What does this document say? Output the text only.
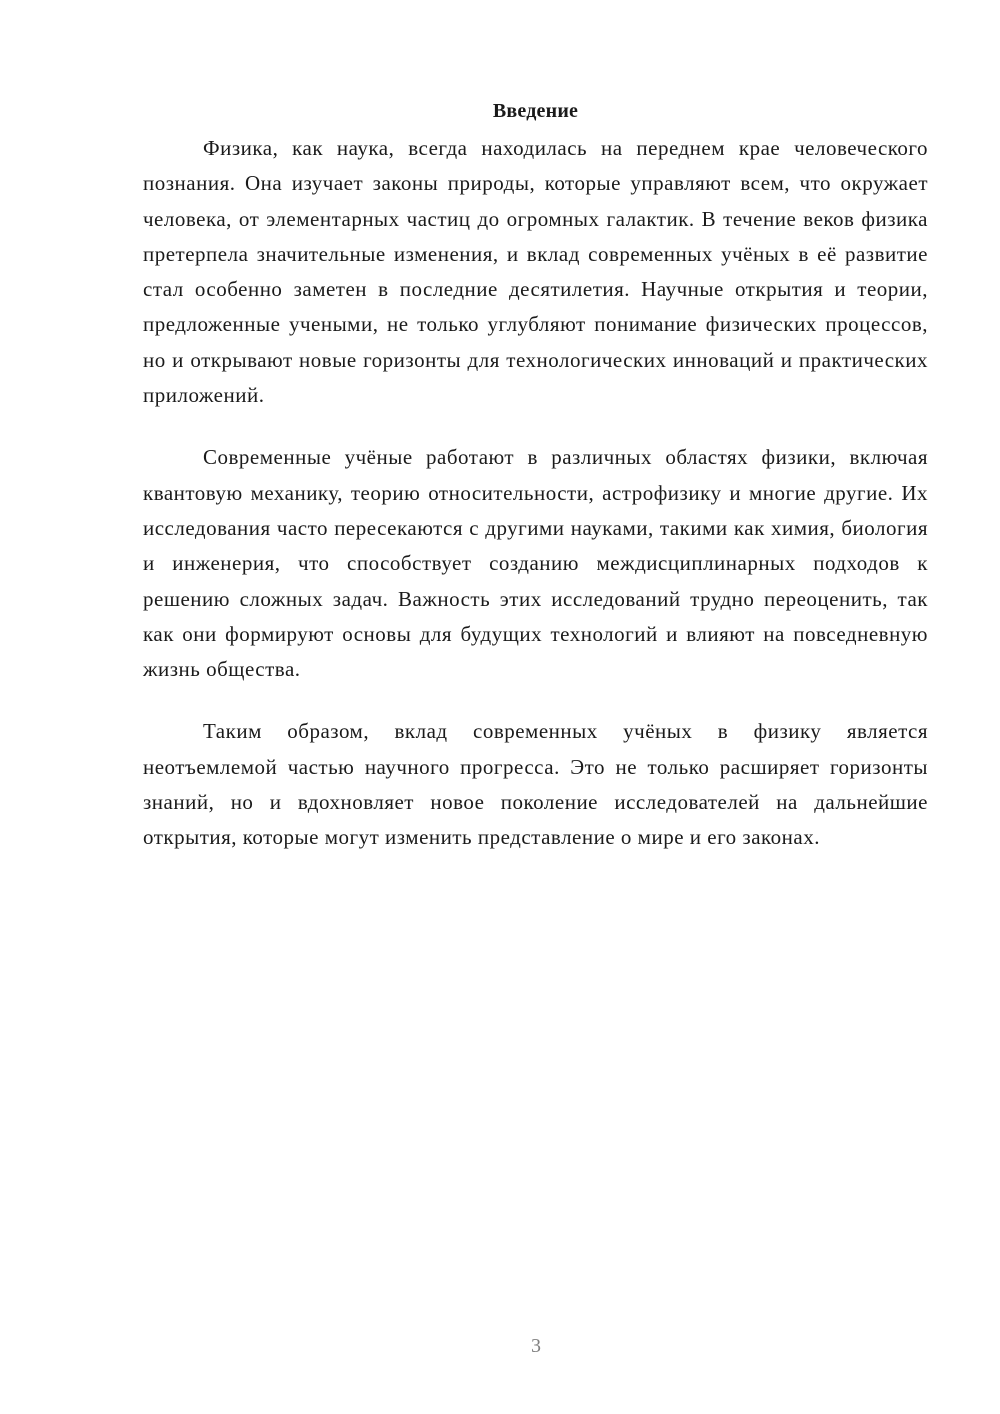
Введение

Физика, как наука, всегда находилась на переднем крае человеческого познания. Она изучает законы природы, которые управляют всем, что окружает человека, от элементарных частиц до огромных галактик. В течение веков физика претерпела значительные изменения, и вклад современных учёных в её развитие стал особенно заметен в последние десятилетия. Научные открытия и теории, предложенные учеными, не только углубляют понимание физических процессов, но и открывают новые горизонты для технологических инноваций и практических приложений.

Современные учёные работают в различных областях физики, включая квантовую механику, теорию относительности, астрофизику и многие другие. Их исследования часто пересекаются с другими науками, такими как химия, биология и инженерия, что способствует созданию междисциплинарных подходов к решению сложных задач. Важность этих исследований трудно переоценить, так как они формируют основы для будущих технологий и влияют на повседневную жизнь общества.

Таким образом, вклад современных учёных в физику является неотъемлемой частью научного прогресса. Это не только расширяет горизонты знаний, но и вдохновляет новое поколение исследователей на дальнейшие открытия, которые могут изменить представление о мире и его законах.

3
